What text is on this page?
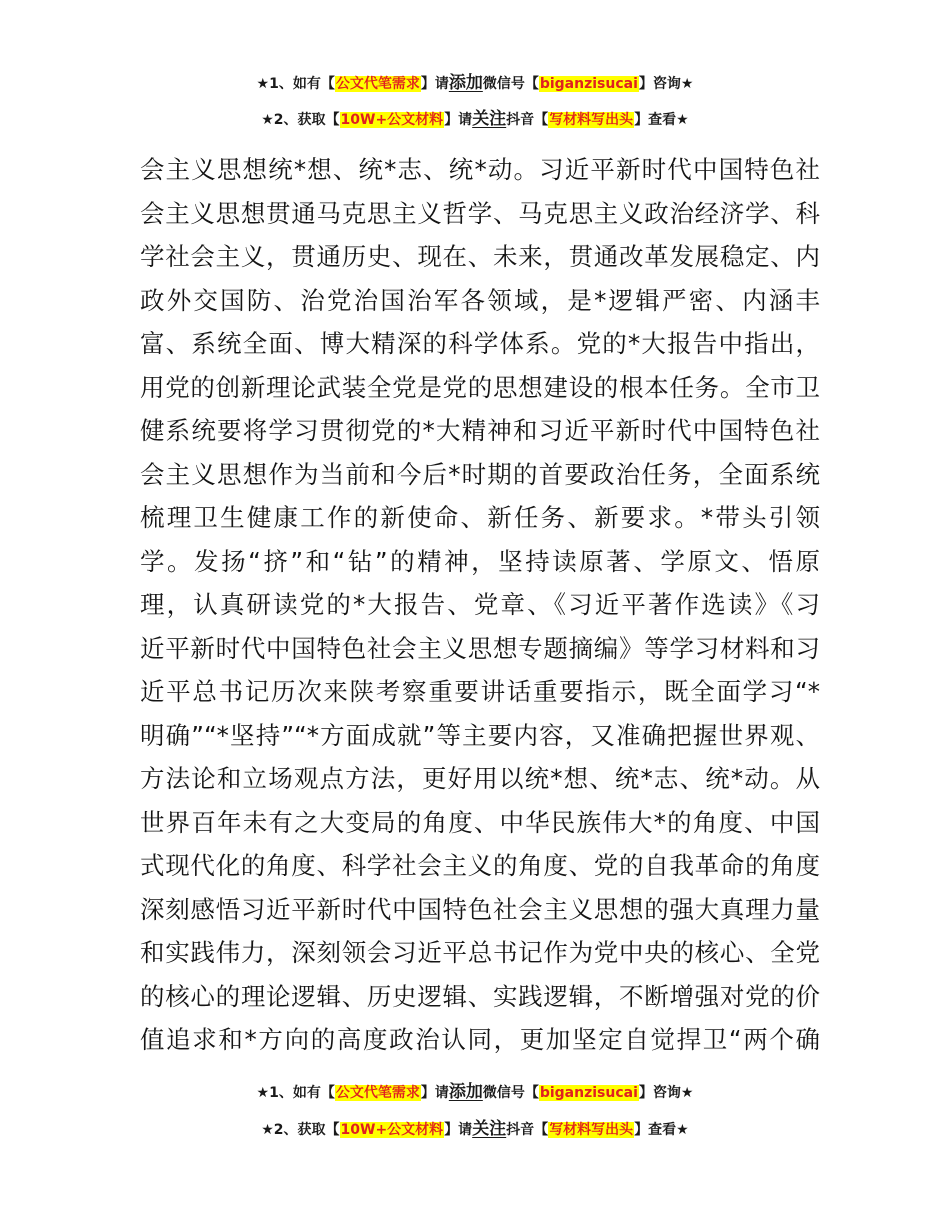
★1、如有【公文代笔需求】请添加微信号【biganzisucai】咨询★
★2、获取【10W+公文材料】请关注抖音【写材料写出头】查看★
会主义思想统*想、统*志、统*动。习近平新时代中国特色社
会主义思想贯通马克思主义哲学、马克思主义政治经济学、科
学社会主义，贯通历史、现在、未来，贯通改革发展稳定、内
政外交国防、治党治国治军各领域，是*逻辑严密、内涵丰
富、系统全面、博大精深的科学体系。党的*大报告中指出，
用党的创新理论武装全党是党的思想建设的根本任务。全市卫
健系统要将学习贯彻党的*大精神和习近平新时代中国特色社
会主义思想作为当前和今后*时期的首要政治任务，全面系统
梳理卫生健康工作的新使命、新任务、新要求。*带头引领
学。发扬“挤”和“钻”的精神，坚持读原著、学原文、悟原
理，认真研读党的*大报告、党章、《习近平著作选读》《习
近平新时代中国特色社会主义思想专题摘编》等学习材料和习
近平总书记历次来陕考察重要讲话重要指示，既全面学习“*
明确”“*坚持”“*方面成就”等主要内容，又准确把握世界观、
方法论和立场观点方法，更好用以统*想、统*志、统*动。从
世界百年未有之大变局的角度、中华民族伟大*的角度、中国
式现代化的角度、科学社会主义的角度、党的自我革命的角度
深刻感悟习近平新时代中国特色社会主义思想的强大真理力量
和实践伟力，深刻领会习近平总书记作为党中央的核心、全党
的核心的理论逻辑、历史逻辑、实践逻辑，不断增强对党的价
值追求和*方向的高度政治认同，更加坚定自觉捍卫“两个确
★1、如有【公文代笔需求】请添加微信号【biganzisucai】咨询★
★2、获取【10W+公文材料】请关注抖音【写材料写出头】查看★
